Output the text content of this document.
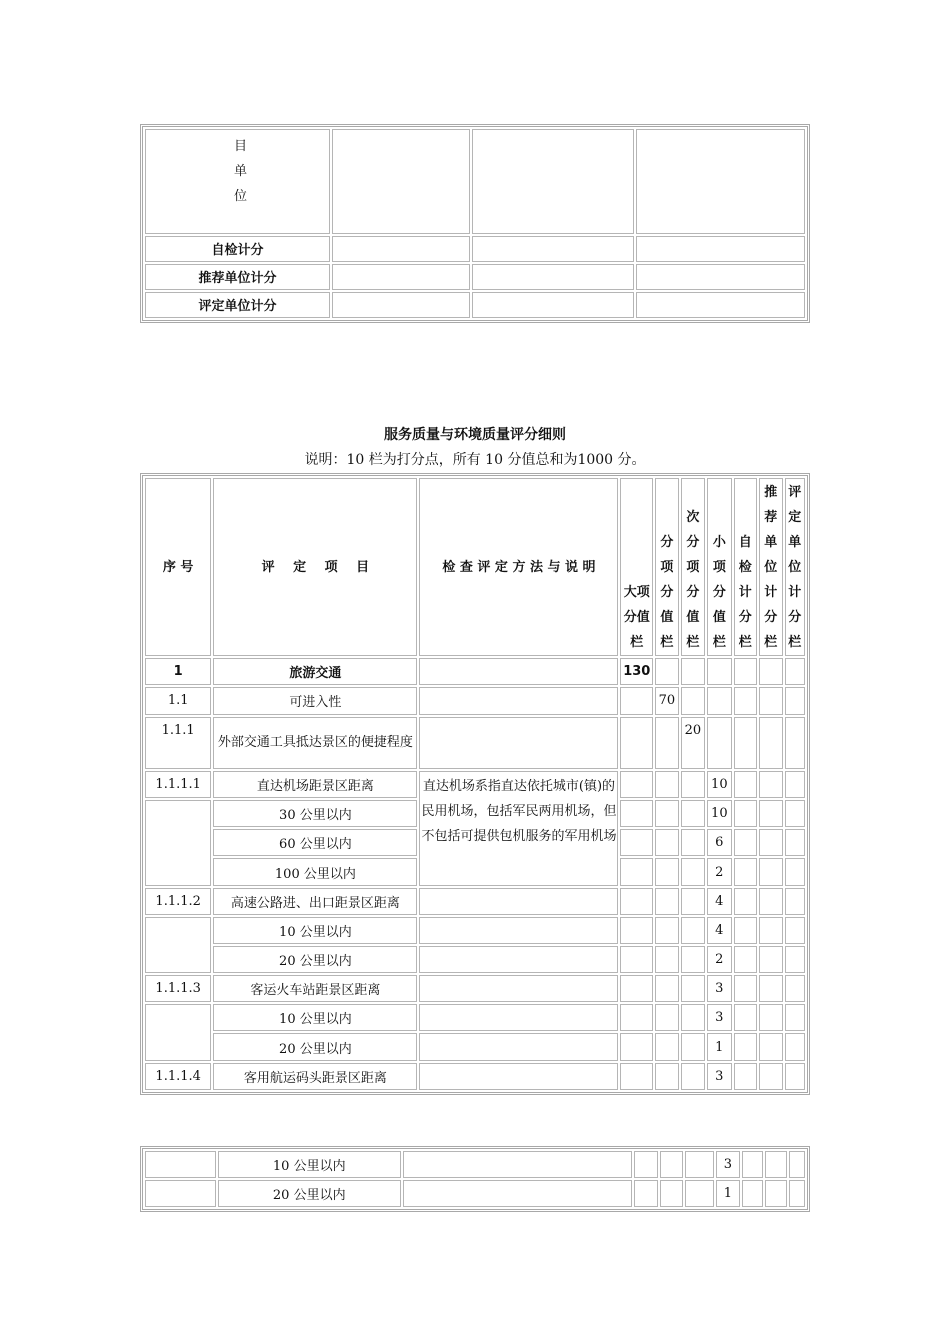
目
单
位			

自检计分			
推荐单位计分			
评定单位计分			
服务质量与环境质量评分细则
说明：10 栏为打分点，所有 10 分值总和为1000 分。
序 号	评 定 项 目	检 查 评 定 方 法 与 说 明	大项分值栏	分项分值栏	次分项分值栏	小项分值栏	自检计分栏	推荐单位计分栏	评定单位计分栏
1	旅游交通		130						
1.1	可进入性			70					
1.1.1	外部交通工具抵达景区的便捷程度				20				
1.1.1.1	直达机场距景区距离	直达机场系指直达依托城市(镇)的民用机场，包括军民两用机场，但不包括可提供包机服务的军用机场				10			
	30 公里以内					10			
	60 公里以内					6			
	100 公里以内					2			
1.1.1.2	高速公路进、出口距景区距离					4			
	10 公里以内					4			
	20 公里以内					2			
1.1.1.3	客运火车站距景区距离					3			
	10 公里以内					3			
	20 公里以内					1			
1.1.1.4	客用航运码头距景区距离					3			
	10 公里以内					3			
	20 公里以内					1			
